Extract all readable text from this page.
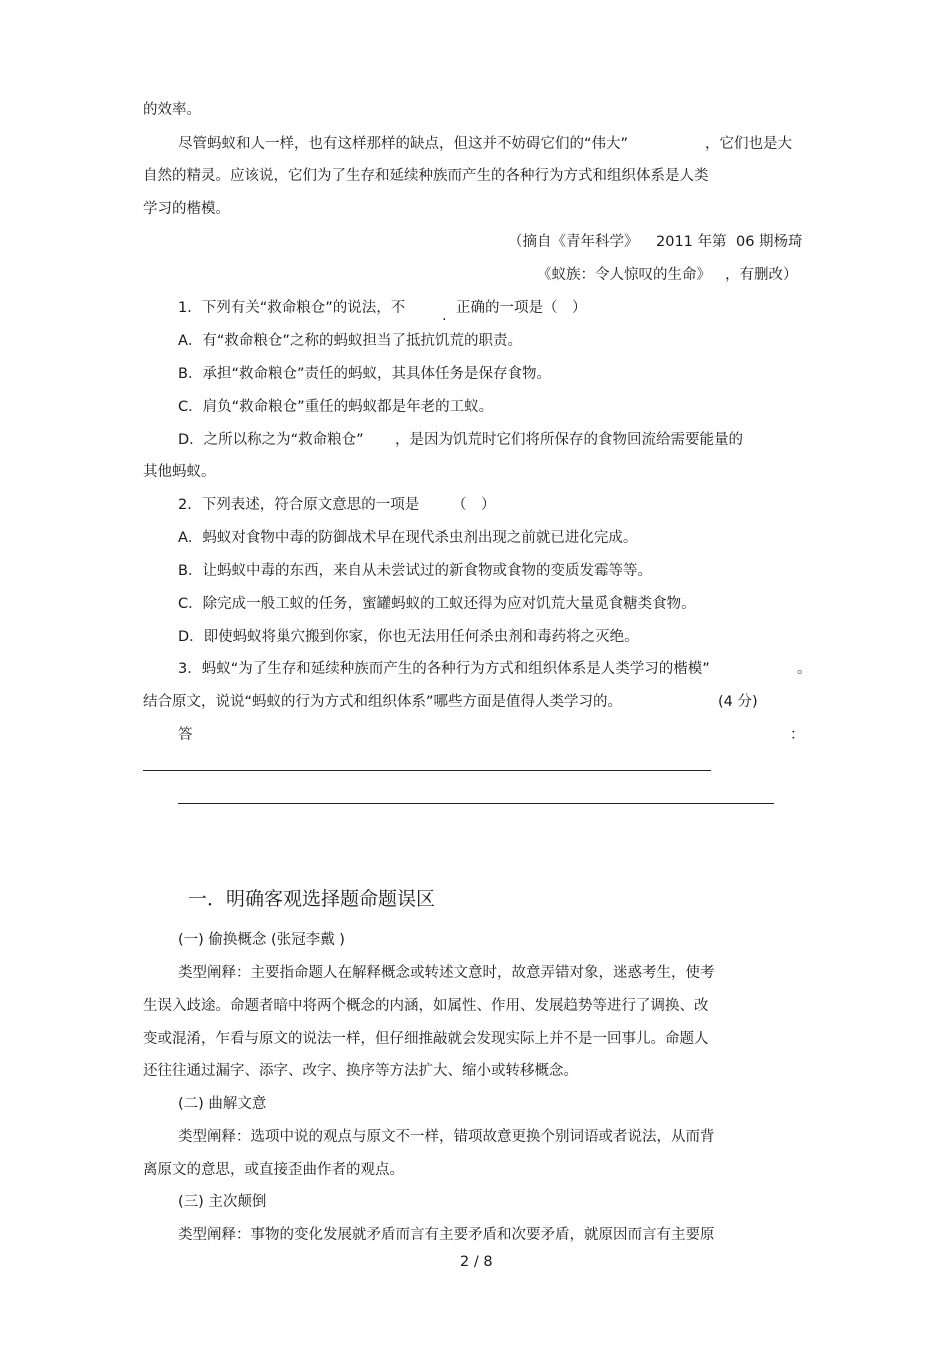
的效率。
尽管蚂蚁和人一样，也有这样那样的缺点，但这并不妨碍它们的“伟大”	，它们也是大
自然的精灵。应该说，它们为了生存和延续种族而产生的各种行为方式和组织体系是人类
学习的楷模。
（摘自《青年科学》 2011 年第 06 期杨琦
《蚁族：令人惊叹的生命》 ，有删改）
1．下列有关“救命粮仓”的说法，不	. 正确的一项是（　）
A．有“救命粮仓”之称的蚂蚁担当了抵抗饥荒的职责。
B．承担“救命粮仓”责任的蚂蚁，其具体任务是保存食物。
C．肩负“救命粮仓”重任的蚂蚁都是年老的工蚁。
D．之所以称之为“救命粮仓” ，是因为饥荒时它们将所保存的食物回流给需要能量的
其他蚂蚁。
2．下列表述，符合原文意思的一项是 （　）
A．蚂蚁对食物中毒的防御战术早在现代杀虫剂出现之前就已进化完成。
B．让蚂蚁中毒的东西，来自从未尝试过的新食物或食物的变质发霉等等。
C．除完成一般工蚁的任务，蜜罐蚂蚁的工蚁还得为应对饥荒大量觅食糖类食物。
D．即使蚂蚁将巢穴搬到你家，你也无法用任何杀虫剂和毒药将之灭绝。
3．蚂蚁“为了生存和延续种族而产生的各种行为方式和组织体系是人类学习的楷模”	。
结合原文，说说“蚂蚁的行为方式和组织体系”哪些方面是值得人类学习的。	(4 分)
答	：
一．明确客观选择题命题误区
(一) 偷换概念 (张冠李戴 )
类型阐释：主要指命题人在解释概念或转述文意时，故意弄错对象，迷惑考生，使考
生误入歧途。命题者暗中将两个概念的内涵，如属性、作用、发展趋势等进行了调换、改
变或混淆，乍看与原文的说法一样，但仔细推敲就会发现实际上并不是一回事儿。命题人
还往往通过漏字、添字、改字、换序等方法扩大、缩小或转移概念。
(二) 曲解文意
类型阐释：选项中说的观点与原文不一样，错项故意更换个别词语或者说法，从而背
离原文的意思，或直接歪曲作者的观点。
(三) 主次颠倒
类型阐释：事物的变化发展就矛盾而言有主要矛盾和次要矛盾，就原因而言有主要原
2 / 8
